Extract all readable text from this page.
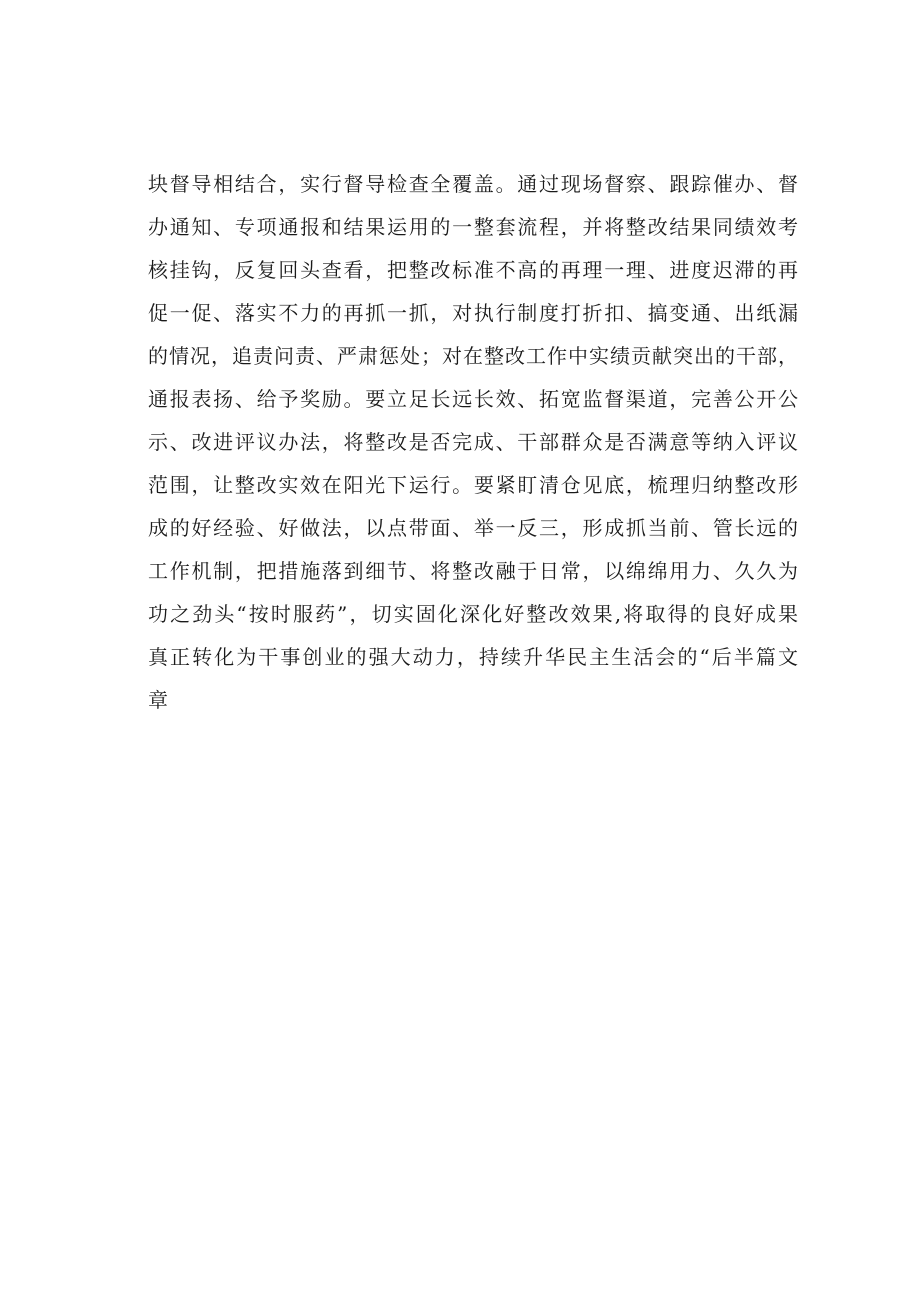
块督导相结合，实行督导检查全覆盖。通过现场督察、跟踪催办、督
办通知、专项通报和结果运用的一整套流程，并将整改结果同绩效考
核挂钩，反复回头查看，把整改标准不高的再理一理、进度迟滞的再
促一促、落实不力的再抓一抓，对执行制度打折扣、搞变通、出纸漏
的情况，追责问责、严肃惩处；对在整改工作中实绩贡献突出的干部，
通报表扬、给予奖励。要立足长远长效、拓宽监督渠道，完善公开公
示、改进评议办法，将整改是否完成、干部群众是否满意等纳入评议
范围，让整改实效在阳光下运行。要紧盯清仓见底，梳理归纳整改形
成的好经验、好做法，以点带面、举一反三，形成抓当前、管长远的
工作机制，把措施落到细节、将整改融于日常，以绵绵用力、久久为
功之劲头“按时服药”，切实固化深化好整改效果,将取得的良好成果
真正转化为干事创业的强大动力，持续升华民主生活会的“后半篇文
章
